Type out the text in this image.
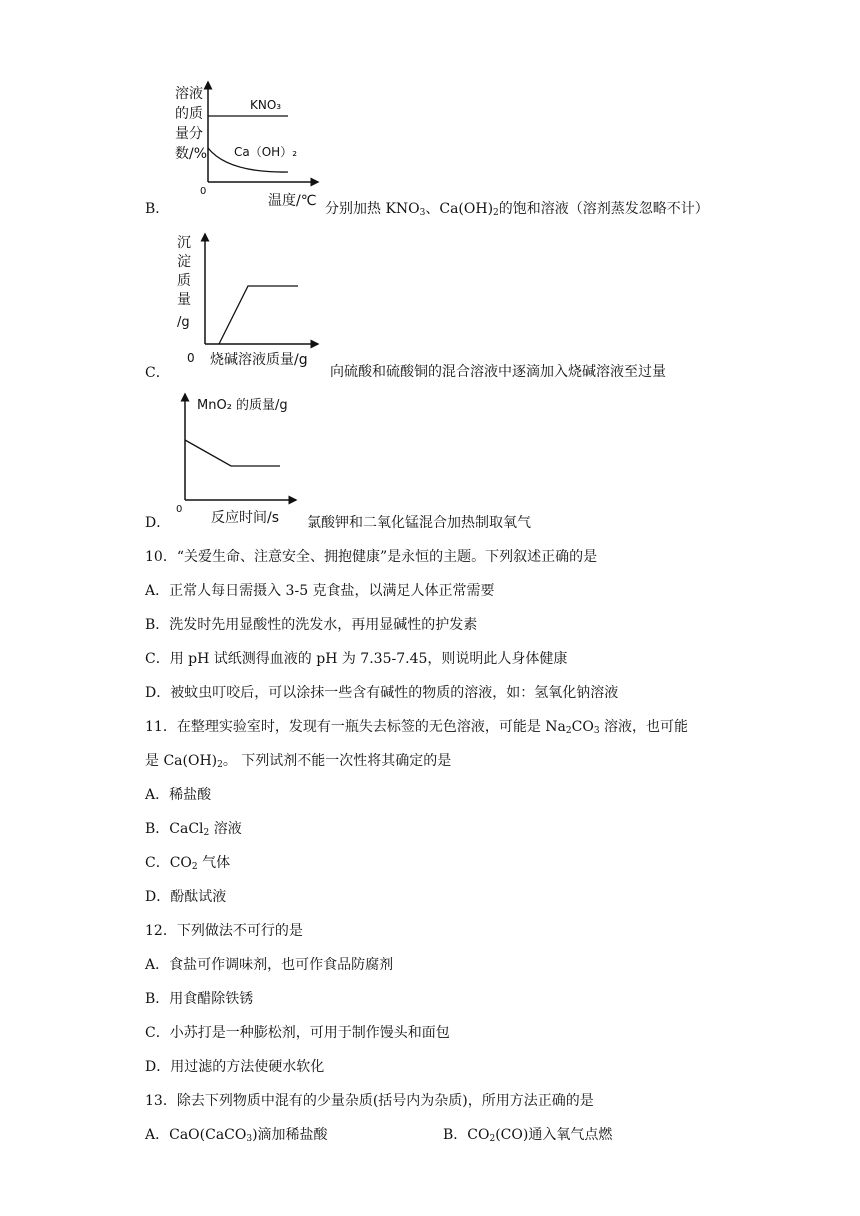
溶液
的质
量分
数/%
0
KNO₃
Ca（OH）₂
温度/℃
B．	分别加热 $KNO_3$、$Ca(OH)_2$的饱和溶液（溶剂蒸发忽略不计）
沉
淀
质
量
/g
0 烧碱溶液质量/g
C．	向硫酸和硫酸铜的混合溶液中逐滴加入烧碱溶液至过量
MnO₂ 的质量/g
0
反应时间/s
D．	氯酸钾和二氧化锰混合加热制取氧气
10．“关爱生命、注意安全、拥抱健康”是永恒的主题。下列叙述正确的是
A．正常人每日需摄入 3-5 克食盐，以满足人体正常需要
B．洗发时先用显酸性的洗发水，再用显碱性的护发素
C．用 pH 试纸测得血液的 pH 为 7.35-7.45，则说明此人身体健康
D．被蚊虫叮咬后，可以涂抹一些含有碱性的物质的溶液，如：氢氧化钠溶液
11．在整理实验室时，发现有一瓶失去标签的无色溶液，可能是 $Na_2CO_3$ 溶液，也可能
是 $Ca(OH)_2$。 下列试剂不能一次性将其确定的是
A．稀盐酸
B．CaCl$_2$ 溶液
C．$CO_2$ 气体
D．酚酞试液
12．下列做法不可行的是
A．食盐可作调味剂，也可作食品防腐剂
B．用食醋除铁锈
C．小苏打是一种膨松剂，可用于制作馒头和面包
D．用过滤的方法使硬水软化
13．除去下列物质中混有的少量杂质(括号内为杂质)，所用方法正确的是
A．CaO(CaCO$_3$)滴加稀盐酸	B．$CO_2(CO)$通入氧气点燃
